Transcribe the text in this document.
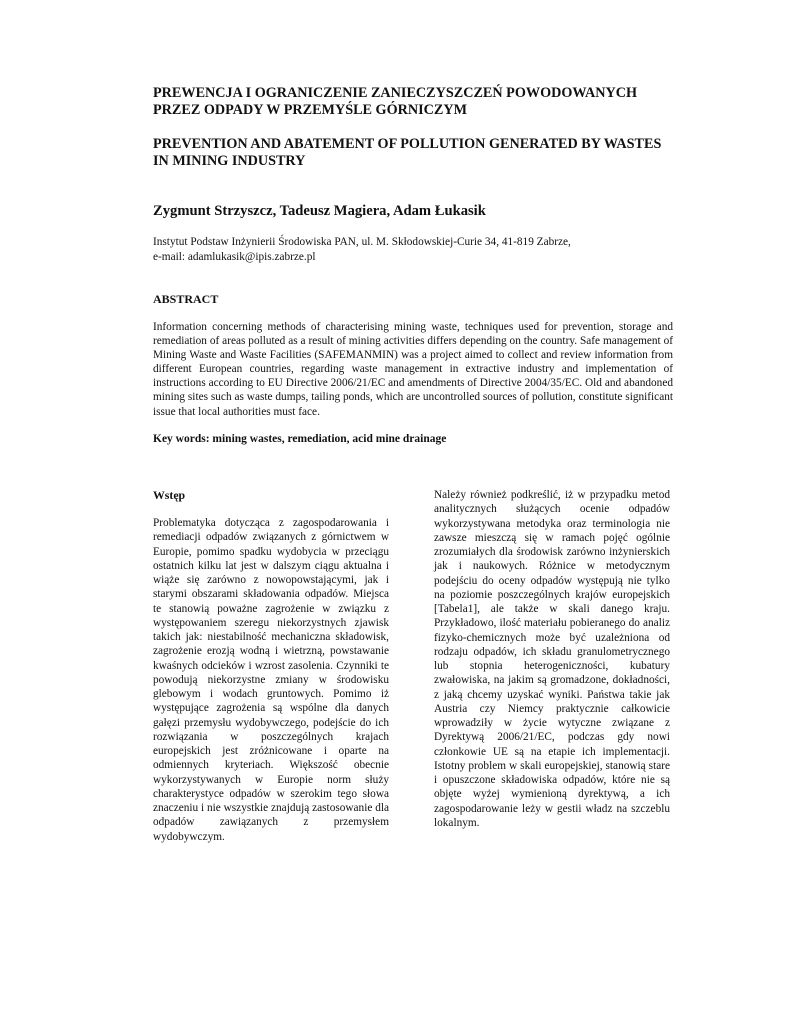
PREWENCJA I OGRANICZENIE ZANIECZYSZCZEŃ POWODOWANYCH PRZEZ ODPADY W PRZEMYŚLE GÓRNICZYM
PREVENTION AND ABATEMENT OF POLLUTION GENERATED BY WASTES IN MINING INDUSTRY

Zygmunt Strzyszcz, Tadeusz Magiera, Adam Łukasik

Instytut Podstaw Inżynierii Środowiska PAN, ul. M. Skłodowskiej-Curie 34, 41-819 Zabrze,
e-mail: adamlukasik@ipis.zabrze.pl
ABSTRACT

Information concerning methods of characterising mining waste, techniques used for prevention, storage and remediation of areas polluted as a result of mining activities differs depending on the country. Safe management of Mining Waste and Waste Facilities (SAFEMANMIN) was a project aimed to collect and review information from different European countries, regarding waste management in extractive industry and implementation of instructions according to EU Directive 2006/21/EC and amendments of Directive 2004/35/EC. Old and abandoned mining sites such as waste dumps, tailing ponds, which are uncontrolled sources of pollution, constitute significant issue that local authorities must face.

Key words: mining wastes, remediation, acid mine drainage

Wstęp

Problematyka dotycząca z zagospodarowania i remediacji odpadów związanych z górnictwem w Europie, pomimo spadku wydobycia w przeciągu ostatnich kilku lat jest w dalszym ciągu aktualna i wiąże się zarówno z nowopowstającymi, jak i starymi obszarami składowania odpadów. Miejsca te stanowią poważne zagrożenie w związku z występowaniem szeregu niekorzystnych zjawisk takich jak: niestabilność mechaniczna składowisk, zagrożenie erozją wodną i wietrzną, powstawanie kwaśnych odcieków i wzrost zasolenia. Czynniki te powodują niekorzystne zmiany w środowisku glebowym i wodach gruntowych. Pomimo iż występujące zagrożenia są wspólne dla danych gałęzi przemysłu wydobywczego, podejście do ich rozwiązania w poszczególnych krajach europejskich jest zróżnicowane i oparte na odmiennych kryteriach. Większość obecnie wykorzystywanych w Europie norm służy charakterystyce odpadów w szerokim tego słowa znaczeniu i nie wszystkie znajdują zastosowanie dla odpadów zawiązanych z przemysłem wydobywczym.

Należy również podkreślić, iż w przypadku metod analitycznych służących ocenie odpadów wykorzystywana metodyka oraz terminologia nie zawsze mieszczą się w ramach pojęć ogólnie zrozumiałych dla środowisk zarówno inżynierskich jak i naukowych. Różnice w metodycznym podejściu do oceny odpadów występują nie tylko na poziomie poszczególnych krajów europejskich [Tabela1], ale także w skali danego kraju. Przykładowo, ilość materiału pobieranego do analiz fizyko-chemicznych może być uzależniona od rodzaju odpadów, ich składu granulometrycznego lub stopnia heterogeniczności, kubatury zwałowiska, na jakim są gromadzone, dokładności, z jaką chcemy uzyskać wyniki. Państwa takie jak Austria czy Niemcy praktycznie całkowicie wprowadziły w życie wytyczne związane z Dyrektywą 2006/21/EC, podczas gdy nowi członkowie UE są na etapie ich implementacji. Istotny problem w skali europejskiej, stanowią stare i opuszczone składowiska odpadów, które nie są objęte wyżej wymienioną dyrektywą, a ich zagospodarowanie leży w gestii władz na szczeblu lokalnym.
